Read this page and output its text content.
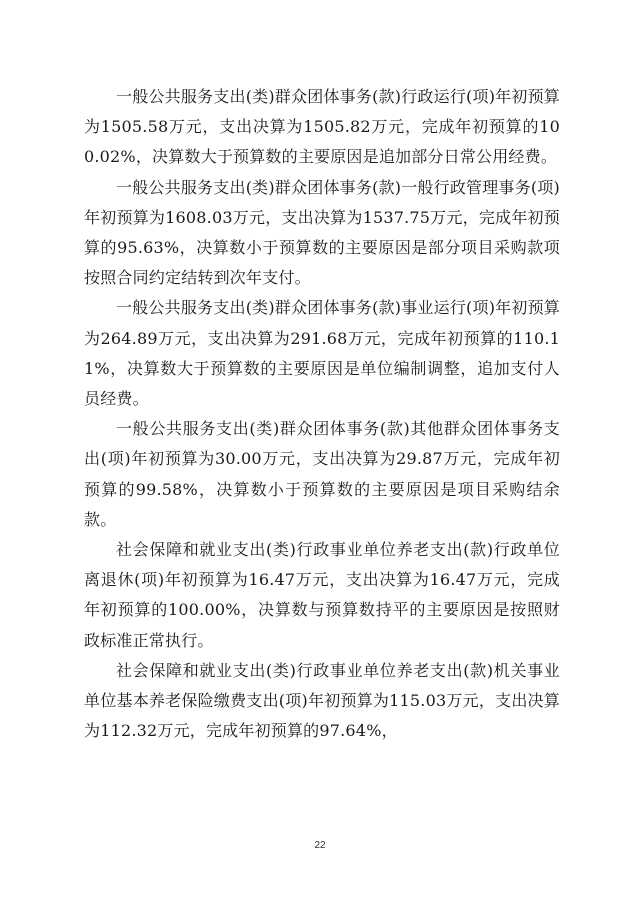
一般公共服务支出(类)群众团体事务(款)行政运行(项)年初预算为1505.58万元，支出决算为1505.82万元，完成年初预算的100.02%，决算数大于预算数的主要原因是追加部分日常公用经费。

一般公共服务支出(类)群众团体事务(款)一般行政管理事务(项)年初预算为1608.03万元，支出决算为1537.75万元，完成年初预算的95.63%，决算数小于预算数的主要原因是部分项目采购款项按照合同约定结转到次年支付。

一般公共服务支出(类)群众团体事务(款)事业运行(项)年初预算为264.89万元，支出决算为291.68万元，完成年初预算的110.11%，决算数大于预算数的主要原因是单位编制调整，追加支付人员经费。

一般公共服务支出(类)群众团体事务(款)其他群众团体事务支出(项)年初预算为30.00万元，支出决算为29.87万元，完成年初预算的99.58%，决算数小于预算数的主要原因是项目采购结余款。

社会保障和就业支出(类)行政事业单位养老支出(款)行政单位离退休(项)年初预算为16.47万元，支出决算为16.47万元，完成年初预算的100.00%，决算数与预算数持平的主要原因是按照财政标准正常执行。

社会保障和就业支出(类)行政事业单位养老支出(款)机关事业单位基本养老保险缴费支出(项)年初预算为115.03万元，支出决算为112.32万元，完成年初预算的97.64%，

22
